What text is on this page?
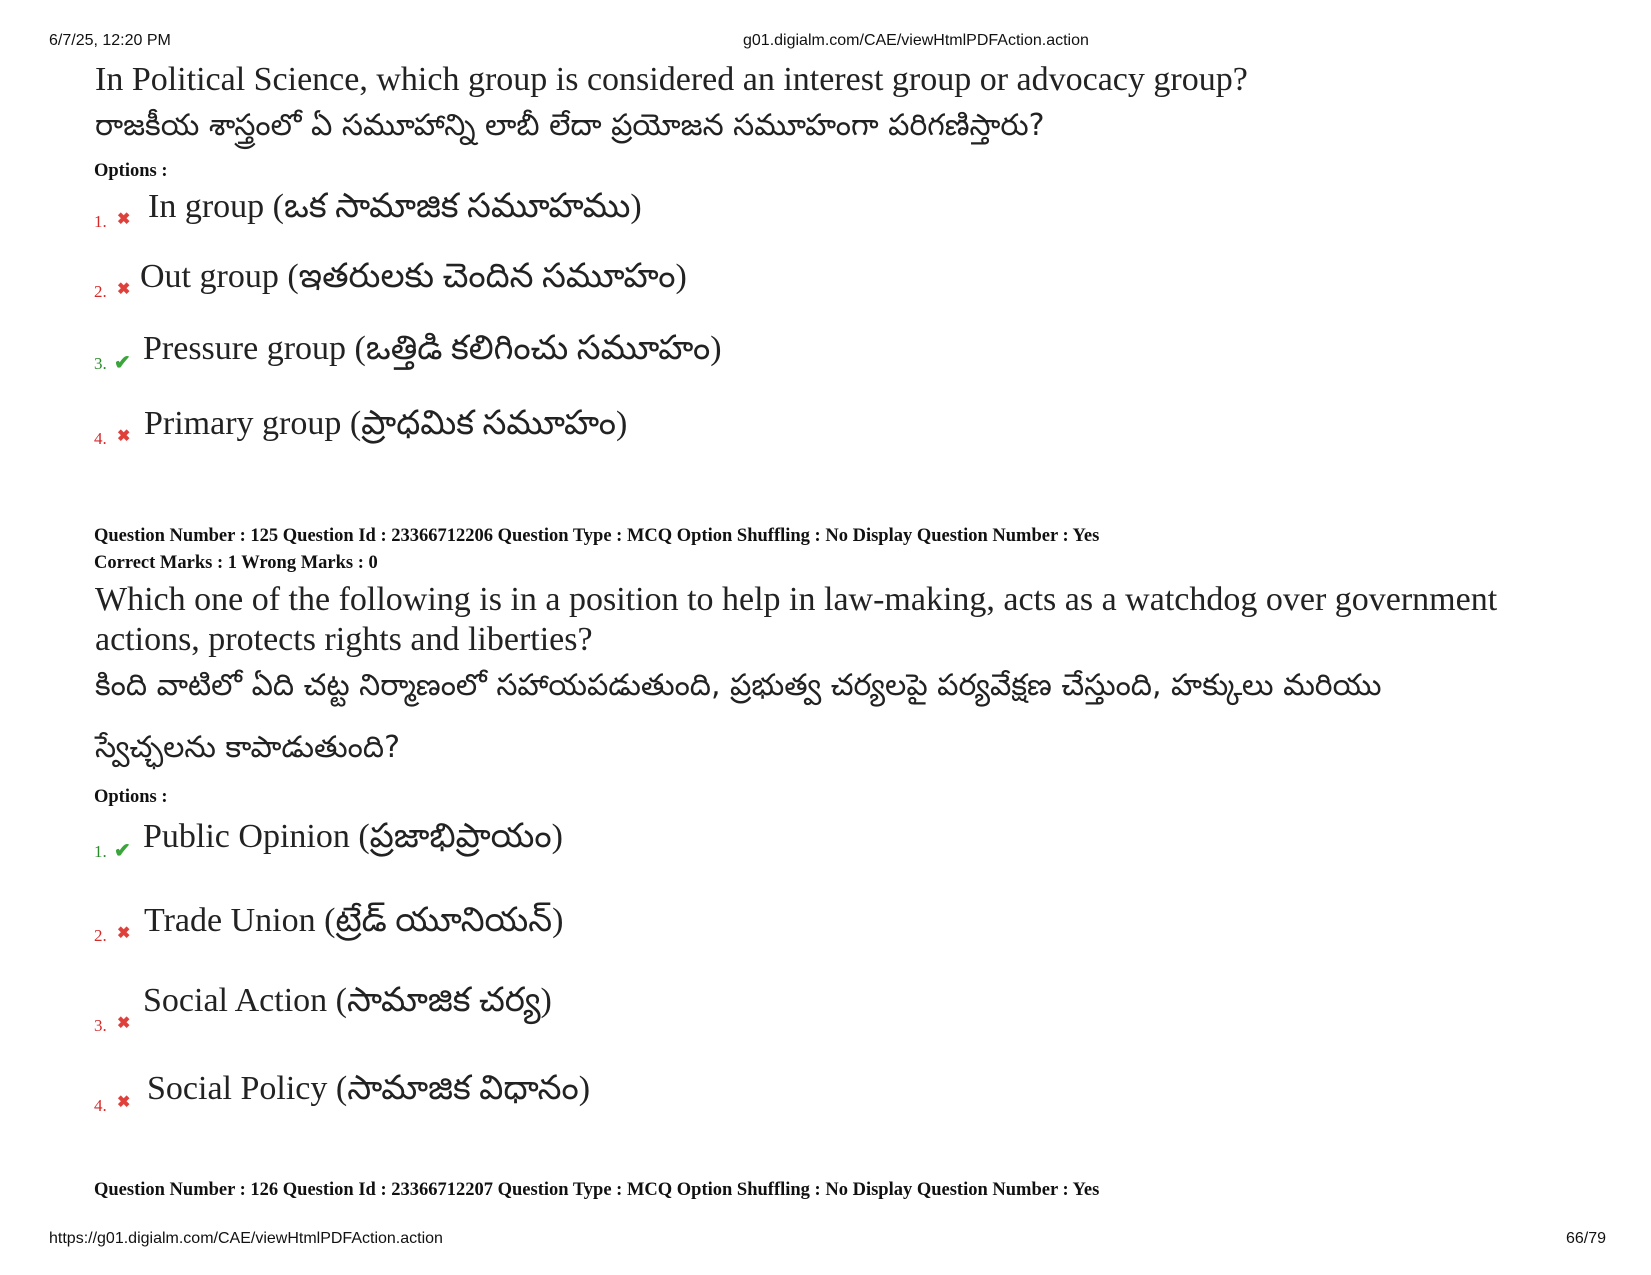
6/7/25, 12:20 PM	g01.digialm.com/CAE/viewHtmlPDFAction.action
In Political Science, which group is considered an interest group or advocacy group?
రాజకీయ శాస్త్రంలో ఏ సమూహాన్ని లాబీ లేదా ప్రయోజన సమూహంగా పరిగణిస్తారు?
Options :
1. ✖ In group (ఒక సామాజిక సమూహము)
2. ✖ Out group (ఇతరులకు చెందిన సమూహం)
3. ✔ Pressure group (ఒత్తిడి కలిగించు సమూహం)
4. ✖ Primary group (ప్రాధమిక సమూహం)
Question Number : 125 Question Id : 23366712206 Question Type : MCQ Option Shuffling : No Display Question Number : Yes
Correct Marks : 1 Wrong Marks : 0
Which one of the following is in a position to help in law-making, acts as a watchdog over government
actions, protects rights and liberties?
కింది వాటిలో ఏది చట్ట నిర్మాణంలో సహాయపడుతుంది, ప్రభుత్వ చర్యలపై పర్యవేక్షణ చేస్తుంది, హక్కులు మరియు
స్వేచ్ఛలను కాపాడుతుంది?
Options :
1. ✔ Public Opinion (ప్రజాభిప్రాయం)
2. ✖ Trade Union (ట్రేడ్ యూనియన్)
3. ✖
Social Action (సామాజిక చర్య)
4. ✖ Social Policy (సామాజిక విధానం)
Question Number : 126 Question Id : 23366712207 Question Type : MCQ Option Shuffling : No Display Question Number : Yes
https://g01.digialm.com/CAE/viewHtmlPDFAction.action	66/79
